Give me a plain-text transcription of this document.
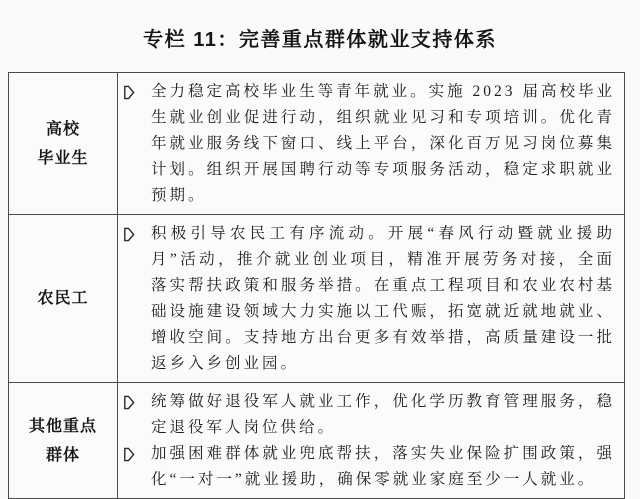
专栏 11：完善重点群体就业支持体系
高校
毕业生
全力稳定高校毕业生等青年就业。实施 2023 届高校毕业生就业创业促进行动，组织就业见习和专项培训。优化青年就业服务线下窗口、线上平台，深化百万见习岗位募集计划。组织开展国聘行动等专项服务活动，稳定求职就业预期。
农民工
积极引导农民工有序流动。开展“春风行动暨就业援助月”活动，推介就业创业项目，精准开展劳务对接，全面落实帮扶政策和服务举措。在重点工程项目和农业农村基础设施建设领域大力实施以工代赈，拓宽就近就地就业、增收空间。支持地方出台更多有效举措，高质量建设一批返乡入乡创业园。
其他重点
群体
统筹做好退役军人就业工作，优化学历教育管理服务，稳定退役军人岗位供给。
加强困难群体就业兜底帮扶，落实失业保险扩围政策，强化“一对一”就业援助，确保零就业家庭至少一人就业。
